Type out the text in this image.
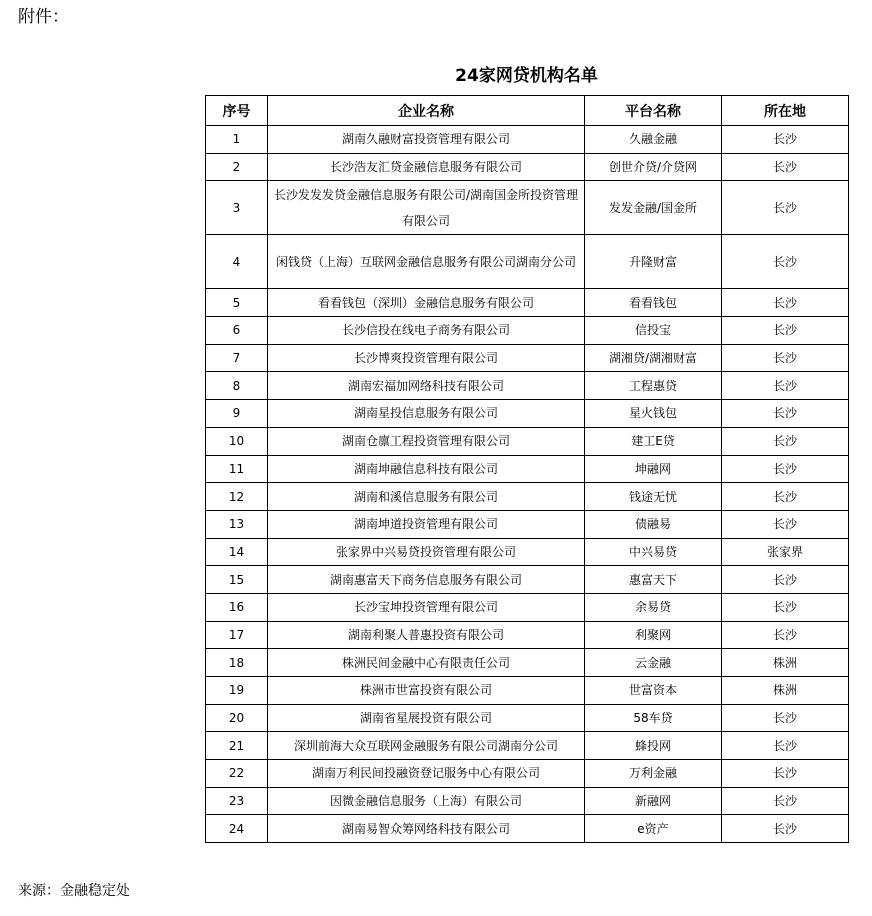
附件：
24家网贷机构名单
序号	企业名称	平台名称	所在地
1	湖南久融财富投资管理有限公司	久融金融	长沙
2	长沙浩友汇贷金融信息服务有限公司	创世介贷/介贷网	长沙
3	长沙发发发贷金融信息服务有限公司/湖南国金所投资管理有限公司	发发金融/国金所	长沙
4	闲钱贷（上海）互联网金融信息服务有限公司湖南分公司	升隆财富	长沙
5	看看钱包（深圳）金融信息服务有限公司	看看钱包	长沙
6	长沙信投在线电子商务有限公司	信投宝	长沙
7	长沙博爽投资管理有限公司	湖湘贷/湖湘财富	长沙
8	湖南宏福加网络科技有限公司	工程惠贷	长沙
9	湖南星投信息服务有限公司	星火钱包	长沙
10	湖南仓廪工程投资管理有限公司	建工E贷	长沙
11	湖南坤融信息科技有限公司	坤融网	长沙
12	湖南和溪信息服务有限公司	钱途无忧	长沙
13	湖南坤道投资管理有限公司	债融易	长沙
14	张家界中兴易贷投资管理有限公司	中兴易贷	张家界
15	湖南惠富天下商务信息服务有限公司	惠富天下	长沙
16	长沙宝坤投资管理有限公司	余易贷	长沙
17	湖南利聚人普惠投资有限公司	利聚网	长沙
18	株洲民间金融中心有限责任公司	云金融	株洲
19	株洲市世富投资有限公司	世富资本	株洲
20	湖南省星展投资有限公司	58车贷	长沙
21	深圳前海大众互联网金融服务有限公司湖南分公司	蜂投网	长沙
22	湖南万利民间投融资登记服务中心有限公司	万利金融	长沙
23	因微金融信息服务（上海）有限公司	新融网	长沙
24	湖南易智众筹网络科技有限公司	e资产	长沙
来源：金融稳定处
